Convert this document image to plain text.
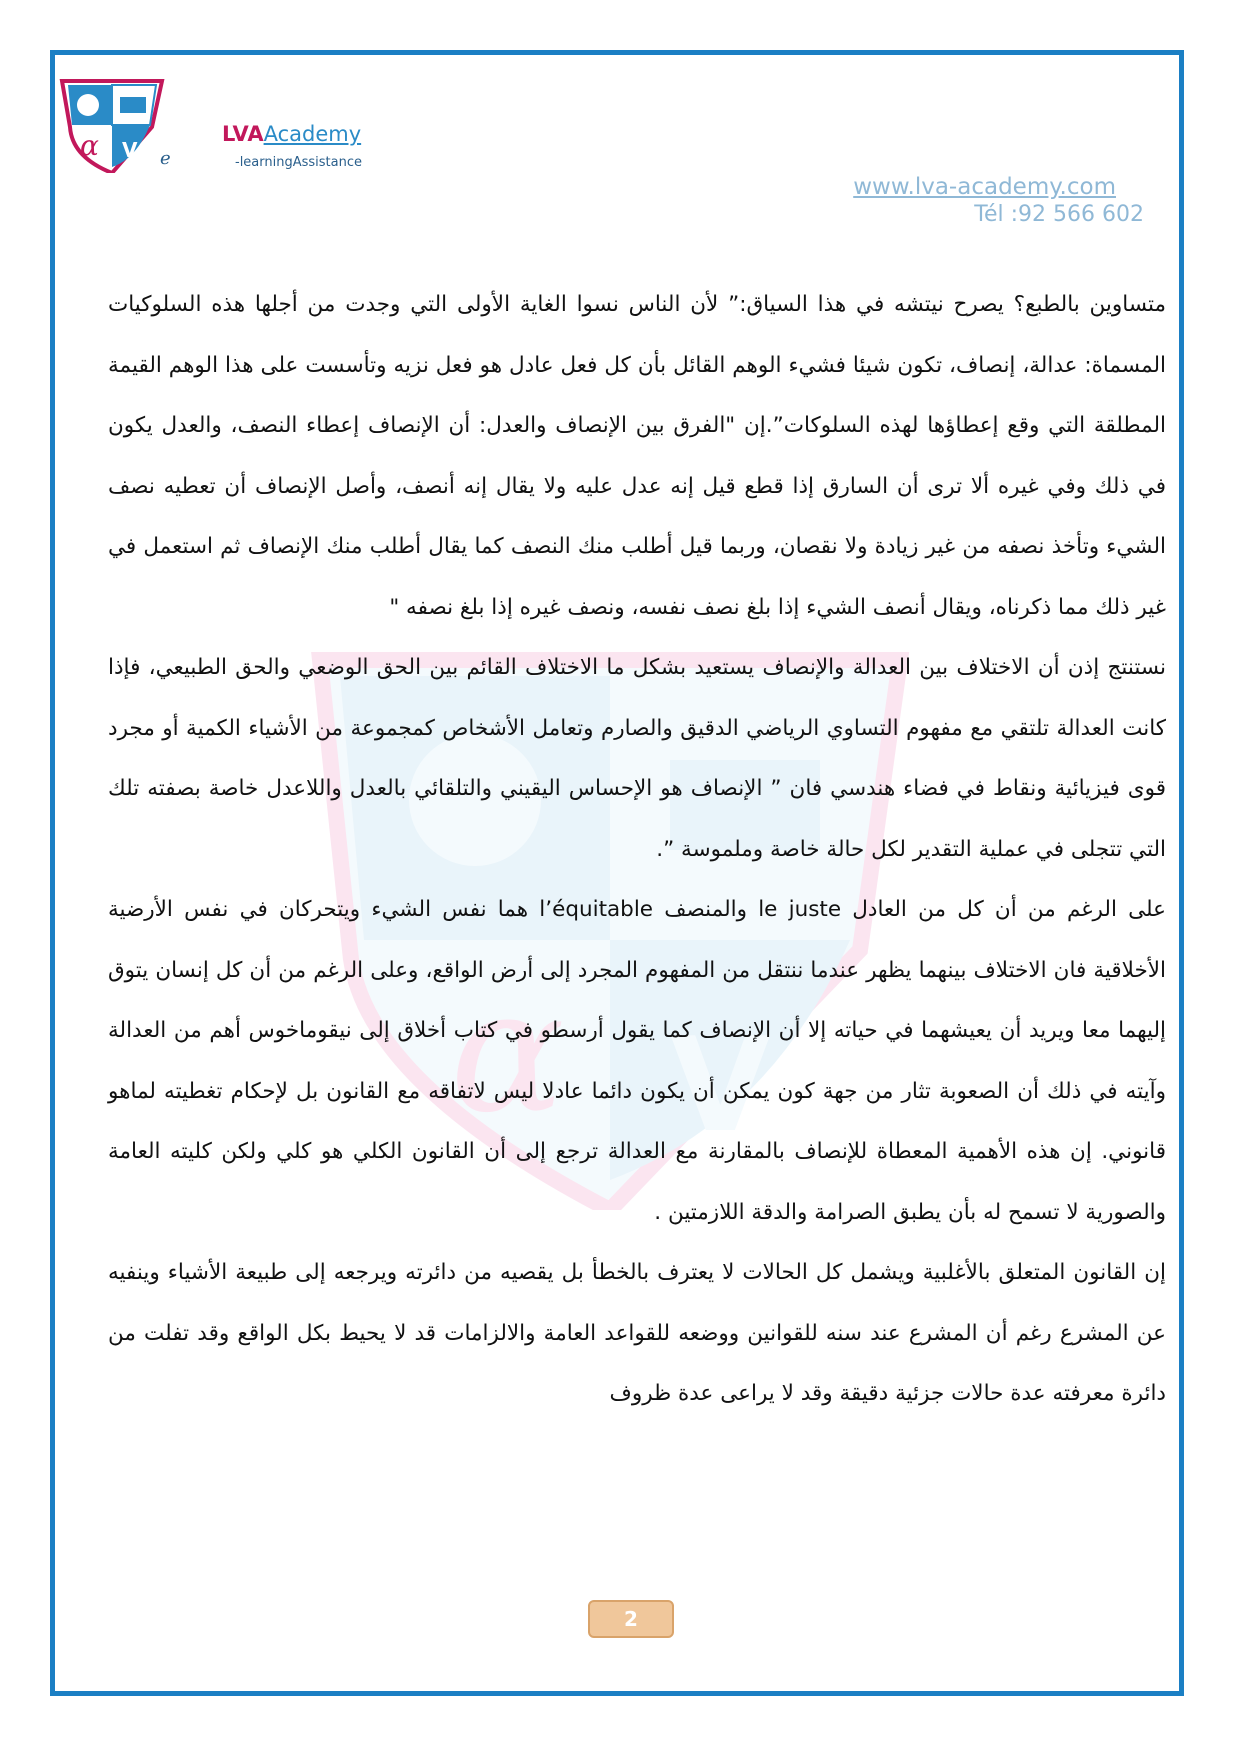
α V e
LVAAcademy
-learningAssistance
www.lva-academy.com
Tél :92 566 602
α V

متساوين بالطبع؟ يصرح نيتشه في هذا السياق:” لأن الناس نسوا الغاية الأولى التي وجدت من أجلها هذه السلوكيات المسماة: عدالة، إنصاف، تكون شيئا فشيء الوهم القائل بأن كل فعل عادل هو فعل نزيه وتأسست على هذا الوهم القيمة المطلقة التي وقع إعطاؤها لهذه السلوكات”.إن "الفرق بين الإنصاف والعدل: أن الإنصاف إعطاء النصف، والعدل يكون في ذلك وفي غيره ألا ترى أن السارق إذا قطع قيل إنه عدل عليه ولا يقال إنه أنصف، وأصل الإنصاف أن تعطيه نصف الشيء وتأخذ نصفه من غير زيادة ولا نقصان، وربما قيل أطلب منك النصف كما يقال أطلب منك الإنصاف ثم استعمل في غير ذلك مما ذكرناه، ويقال أنصف الشيء إذا بلغ نصف نفسه، ونصف غيره إذا بلغ نصفه "

نستنتج إذن أن الاختلاف بين العدالة والإنصاف يستعيد بشكل ما الاختلاف القائم بين الحق الوضعي والحق الطبيعي، فإذا كانت العدالة تلتقي مع مفهوم التساوي الرياضي الدقيق والصارم وتعامل الأشخاص كمجموعة من الأشياء الكمية أو مجرد قوى فيزيائية ونقاط في فضاء هندسي فان ” الإنصاف هو الإحساس اليقيني والتلقائي بالعدل واللاعدل خاصة بصفته تلك التي تتجلى في عملية التقدير لكل حالة خاصة وملموسة ”.

على الرغم من أن كل من العادل le juste والمنصف l’équitable هما نفس الشيء ويتحركان في نفس الأرضية الأخلاقية فان الاختلاف بينهما يظهر عندما ننتقل من المفهوم المجرد إلى أرض الواقع، وعلى الرغم من أن كل إنسان يتوق إليهما معا ويريد أن يعيشهما في حياته إلا أن الإنصاف كما يقول أرسطو في كتاب أخلاق إلى نيقوماخوس أهم من العدالة وآيته في ذلك أن الصعوبة تثار من جهة كون يمكن أن يكون دائما عادلا ليس لاتفاقه مع القانون بل لإحكام تغطيته لماهو قانوني. إن هذه الأهمية المعطاة للإنصاف بالمقارنة مع العدالة ترجع إلى أن القانون الكلي هو كلي ولكن كليته العامة والصورية لا تسمح له بأن يطبق الصرامة والدقة اللازمتين .

إن القانون المتعلق بالأغلبية ويشمل كل الحالات لا يعترف بالخطأ بل يقصيه من دائرته ويرجعه إلى طبيعة الأشياء وينفيه عن المشرع رغم أن المشرع عند سنه للقوانين ووضعه للقواعد العامة والالزامات قد لا يحيط بكل الواقع وقد تفلت من دائرة معرفته عدة حالات جزئية دقيقة وقد لا يراعى عدة ظروف

2
